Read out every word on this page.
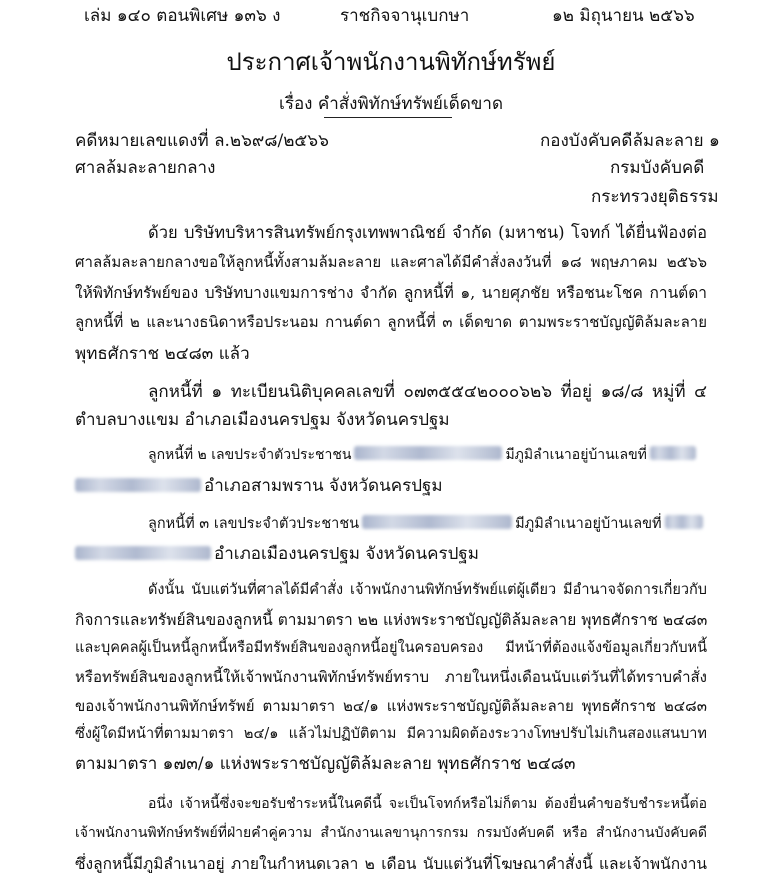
เล่ม ๑๔๐ ตอนพิเศษ ๑๓๖ ง	ราชกิจจานุเบกษา	๑๒ มิถุนายน ๒๕๖๖
ประกาศเจ้าพนักงานพิทักษ์ทรัพย์
เรื่อง คำสั่งพิทักษ์ทรัพย์เด็ดขาด
คดีหมายเลขแดงที่ ล.๒๖๙๘/๒๕๖๖	กองบังคับคดีล้มละลาย ๑
ศาลล้มละลายกลาง	กรมบังคับคดี
กระทรวงยุติธรรม
ด้วย บริษัทบริหารสินทรัพย์กรุงเทพพาณิชย์ จำกัด (มหาชน) โจทก์ ได้ยื่นฟ้องต่อ
ศาลล้มละลายกลางขอให้ลูกหนี้ทั้งสามล้มละลาย และศาลได้มีคำสั่งลงวันที่ ๑๘ พฤษภาคม ๒๕๖๖
ให้พิทักษ์ทรัพย์ของ บริษัทบางแขมการช่าง จำกัด ลูกหนี้ที่ ๑, นายศุภชัย หรือชนะโชค กานต์ดา
ลูกหนี้ที่ ๒ และนางธนิดาหรือประนอม กานต์ดา ลูกหนี้ที่ ๓ เด็ดขาด ตามพระราชบัญญัติล้มละลาย
พุทธศักราช ๒๔๘๓ แล้ว
ลูกหนี้ที่ ๑ ทะเบียนนิติบุคคลเลขที่ ๐๗๓๕๕๔๒๐๐๐๖๒๖ ที่อยู่ ๑๘/๘ หมู่ที่ ๔
ตำบลบางแขม อำเภอเมืองนครปฐม จังหวัดนครปฐม
ลูกหนี้ที่ ๒ เลขประจำตัวประชาชน	มีภูมิลำเนาอยู่บ้านเลขที่
อำเภอสามพราน จังหวัดนครปฐม
ลูกหนี้ที่ ๓ เลขประจำตัวประชาชน	มีภูมิลำเนาอยู่บ้านเลขที่
อำเภอเมืองนครปฐม จังหวัดนครปฐม
ดังนั้น นับแต่วันที่ศาลได้มีคำสั่ง เจ้าพนักงานพิทักษ์ทรัพย์แต่ผู้เดียว มีอำนาจจัดการเกี่ยวกับ
กิจการและทรัพย์สินของลูกหนี้ ตามมาตรา ๒๒ แห่งพระราชบัญญัติล้มละลาย พุทธศักราช ๒๔๘๓
และบุคคลผู้เป็นหนี้ลูกหนี้หรือมีทรัพย์สินของลูกหนี้อยู่ในครอบครอง มีหน้าที่ต้องแจ้งข้อมูลเกี่ยวกับหนี้
หรือทรัพย์สินของลูกหนี้ให้เจ้าพนักงานพิทักษ์ทรัพย์ทราบ ภายในหนึ่งเดือนนับแต่วันที่ได้ทราบคำสั่ง
ของเจ้าพนักงานพิทักษ์ทรัพย์ ตามมาตรา ๒๔/๑ แห่งพระราชบัญญัติล้มละลาย พุทธศักราช ๒๔๘๓
ซึ่งผู้ใดมีหน้าที่ตามมาตรา ๒๔/๑ แล้วไม่ปฏิบัติตาม มีความผิดต้องระวางโทษปรับไม่เกินสองแสนบาท
ตามมาตรา ๑๗๓/๑ แห่งพระราชบัญญัติล้มละลาย พุทธศักราช ๒๔๘๓
อนึ่ง เจ้าหนี้ซึ่งจะขอรับชำระหนี้ในคดีนี้ จะเป็นโจทก์หรือไม่ก็ตาม ต้องยื่นคำขอรับชำระหนี้ต่อ
เจ้าพนักงานพิทักษ์ทรัพย์ที่ฝ่ายคำคู่ความ สำนักงานเลขานุการกรม กรมบังคับคดี หรือ สำนักงานบังคับคดี
ซึ่งลูกหนี้มีภูมิลำเนาอยู่ ภายในกำหนดเวลา ๒ เดือน นับแต่วันที่โฆษณาคำสั่งนี้ และเจ้าพนักงาน
